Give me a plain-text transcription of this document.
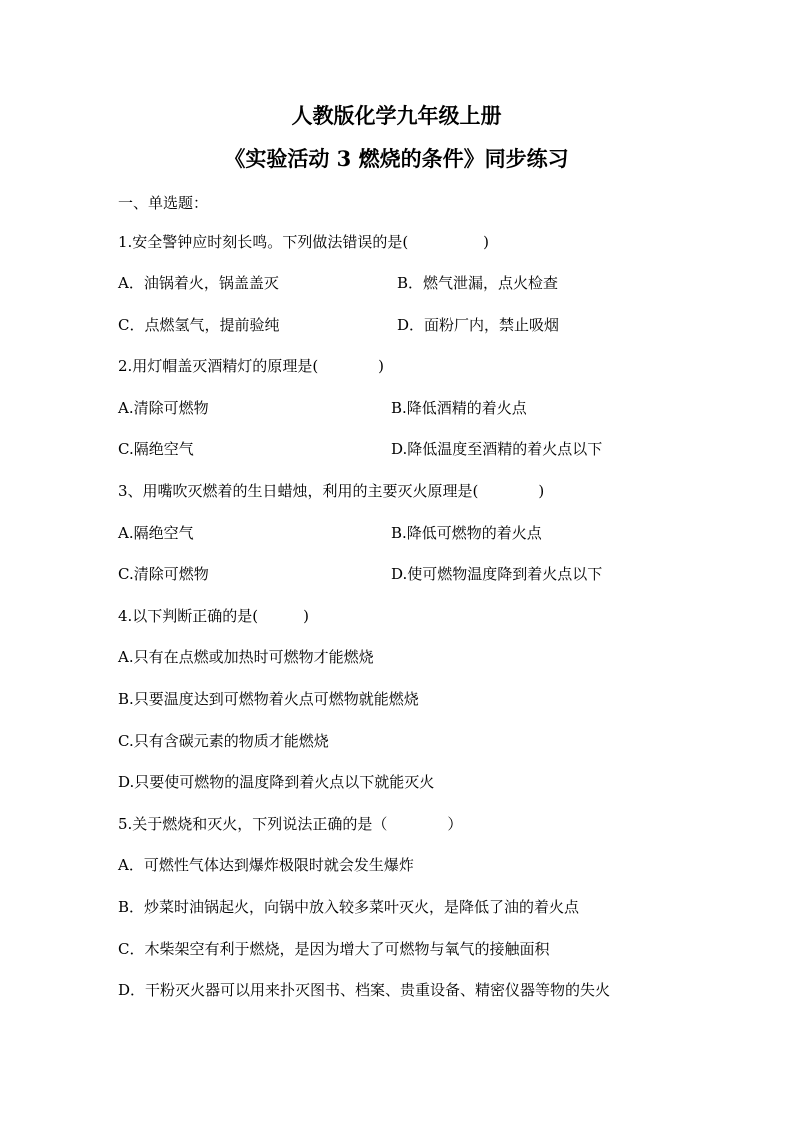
人教版化学九年级上册
《实验活动 3 燃烧的条件》同步练习
一、单选题：
1.安全警钟应时刻长鸣。下列做法错误的是(　　　　　)
A．油锅着火，锅盖盖灭	B．燃气泄漏，点火检查
C．点燃氢气，提前验纯	D．面粉厂内，禁止吸烟
2.用灯帽盖灭酒精灯的原理是(　　　　)
A.清除可燃物	B.降低酒精的着火点
C.隔绝空气	D.降低温度至酒精的着火点以下
3、用嘴吹灭燃着的生日蜡烛，利用的主要灭火原理是(　　　　)
A.隔绝空气	B.降低可燃物的着火点
C.清除可燃物	D.使可燃物温度降到着火点以下
4.以下判断正确的是(　　　)
A.只有在点燃或加热时可燃物才能燃烧
B.只要温度达到可燃物着火点可燃物就能燃烧
C.只有含碳元素的物质才能燃烧
D.只要使可燃物的温度降到着火点以下就能灭火
5.关于燃烧和灭火，下列说法正确的是（　　　　）
A．可燃性气体达到爆炸极限时就会发生爆炸
B．炒菜时油锅起火，向锅中放入较多菜叶灭火，是降低了油的着火点
C．木柴架空有利于燃烧，是因为增大了可燃物与氧气的接触面积
D．干粉灭火器可以用来扑灭图书、档案、贵重设备、精密仪器等物的失火
